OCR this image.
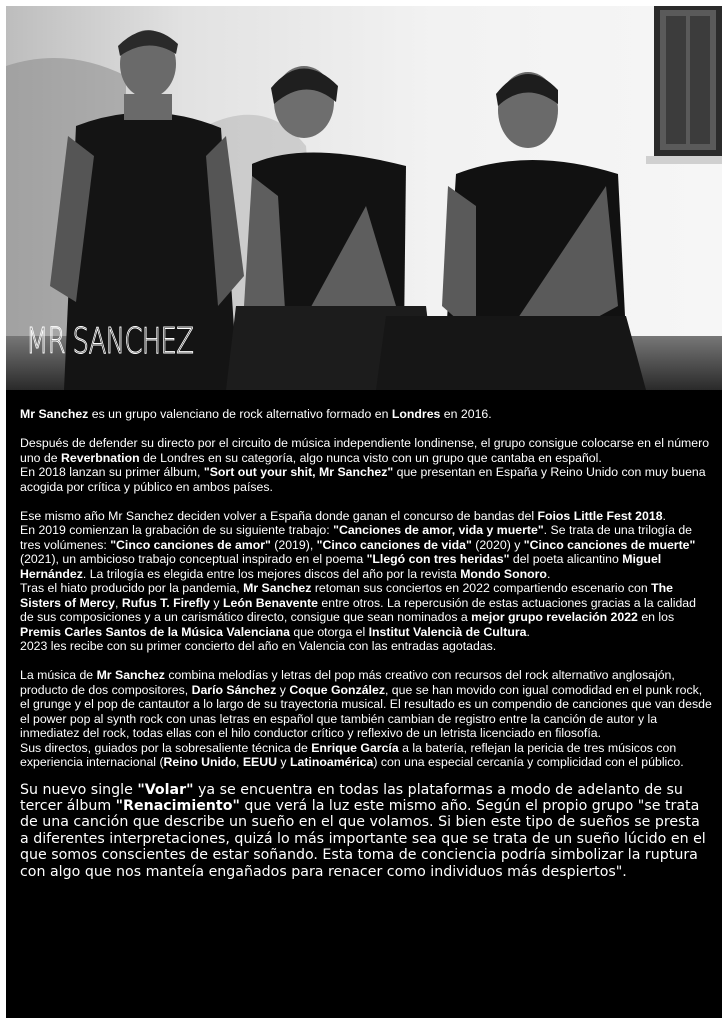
MR SANCHEZ

Mr Sanchez es un grupo valenciano de rock alternativo formado en Londres en 2016.

Después de defender su directo por el circuito de música independiente londinense, el grupo consigue colocarse en el número uno de Reverbnation de Londres en su categoría, algo nunca visto con un grupo que cantaba en español.

En 2018 lanzan su primer álbum, "Sort out your shit, Mr Sanchez" que presentan en España y Reino Unido con muy buena acogida por crítica y público en ambos países.

Ese mismo año Mr Sanchez deciden volver a España donde ganan el concurso de bandas del Foios Little Fest 2018.

En 2019 comienzan la grabación de su siguiente trabajo: "Canciones de amor, vida y muerte". Se trata de una trilogía de tres volúmenes: "Cinco canciones de amor" (2019), "Cinco canciones de vida" (2020) y "Cinco canciones de muerte" (2021), un ambicioso trabajo conceptual inspirado en el poema "Llegó con tres heridas" del poeta alicantino Miguel Hernández. La trilogía es elegida entre los mejores discos del año por la revista Mondo Sonoro.

Tras el hiato producido por la pandemia, Mr Sanchez retoman sus conciertos en 2022 compartiendo escenario con The Sisters of Mercy, Rufus T. Firefly y León Benavente entre otros. La repercusión de estas actuaciones gracias a la calidad de sus composiciones y a un carismático directo, consigue que sean nominados a mejor grupo revelación 2022 en los Premis Carles Santos de la Música Valenciana que otorga el Institut Valencià de Cultura.

2023 les recibe con su primer concierto del año en Valencia con las entradas agotadas.

La música de Mr Sanchez combina melodías y letras del pop más creativo con recursos del rock alternativo anglosajón, producto de dos compositores, Darío Sánchez y Coque González, que se han movido con igual comodidad en el punk rock, el grunge y el pop de cantautor a lo largo de su trayectoria musical. El resultado es un compendio de canciones que van desde el power pop al synth rock con unas letras en español que también cambian de registro entre la canción de autor y la inmediatez del rock, todas ellas con el hilo conductor crítico y reflexivo de un letrista licenciado en filosofía.

Sus directos, guiados por la sobresaliente técnica de Enrique García a la batería, reflejan la pericia de tres músicos con experiencia internacional (Reino Unido, EEUU y Latinoamérica) con una especial cercanía y complicidad con el público.

Su nuevo single "Volar" ya se encuentra en todas las plataformas a modo de adelanto de su tercer álbum "Renacimiento" que verá la luz este mismo año. Según el propio grupo "se trata de una canción que describe un sueño en el que volamos. Si bien este tipo de sueños se presta a diferentes interpretaciones, quizá lo más importante sea que se trata de un sueño lúcido en el que somos conscientes de estar soñando. Esta toma de conciencia podría simbolizar la ruptura con algo que nos manteía engañados para renacer como individuos más despiertos".
